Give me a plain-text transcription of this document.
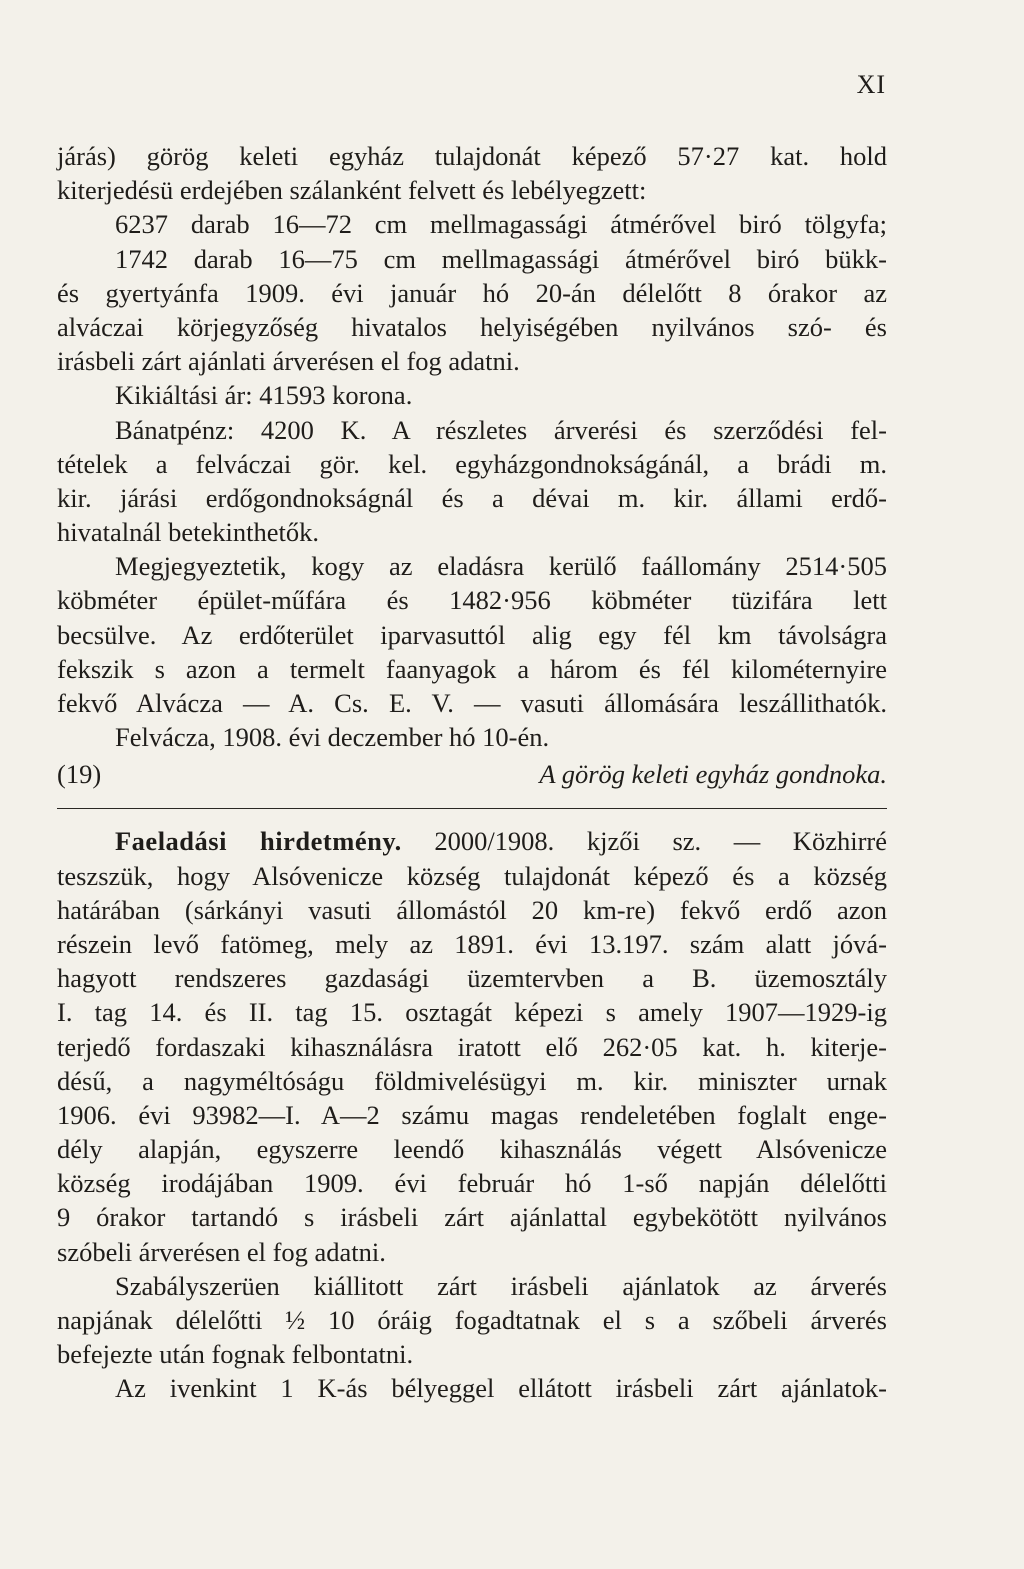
XI
járás) görög keleti egyház tulajdonát képező 57·27 kat. hold
kiterjedésü erdejében szálanként felvett és lebélyegzett:
6237 darab 16—72 cm mellmagassági átmérővel biró tölgyfa;
1742 darab 16—75 cm mellmagassági átmérővel biró bükk-
és gyertyánfa 1909. évi január hó 20-án délelőtt 8 órakor az
alváczai körjegyzőség hivatalos helyiségében nyilvános szó- és
irásbeli zárt ajánlati árverésen el fog adatni.
Kikiáltási ár: 41593 korona.
Bánatpénz: 4200 K. A részletes árverési és szerződési fel-
tételek a felváczai gör. kel. egyházgondnokságánál, a brádi m.
kir. járási erdőgondnokságnál és a dévai m. kir. állami erdő-
hivatalnál betekinthetők.
Megjegyeztetik, kogy az eladásra kerülő faállomány 2514·505
köbméter épület-műfára és 1482·956 köbméter tüzifára lett
becsülve. Az erdőterület iparvasuttól alig egy fél km távolságra
fekszik s azon a termelt faanyagok a három és fél kilométernyire
fekvő Alvácza — A. Cs. E. V. — vasuti állomására leszállithatók.
Felvácza, 1908. évi deczember hó 10-én.
(19)	A görög keleti egyház gondnoka.
Faeladási hirdetmény. 2000/1908. kjzői sz. — Közhirré
teszszük, hogy Alsóvenicze község tulajdonát képező és a község
határában (sárkányi vasuti állomástól 20 km-re) fekvő erdő azon
részein levő fatömeg, mely az 1891. évi 13.197. szám alatt jóvá-
hagyott rendszeres gazdasági üzemtervben a B. üzemosztály
I. tag 14. és II. tag 15. osztagát képezi s amely 1907—1929-ig
terjedő fordaszaki kihasználásra iratott elő 262·05 kat. h. kiterje-
désű, a nagyméltóságu földmivelésügyi m. kir. miniszter urnak
1906. évi 93982—I. A—2 számu magas rendeletében foglalt enge-
dély alapján, egyszerre leendő kihasználás végett Alsóvenicze
község irodájában 1909. évi február hó 1-ső napján délelőtti
9 órakor tartandó s irásbeli zárt ajánlattal egybekötött nyilvános
szóbeli árverésen el fog adatni.
Szabályszerüen kiállitott zárt irásbeli ajánlatok az árverés
napjának délelőtti ½ 10 óráig fogadtatnak el s a szőbeli árverés
befejezte után fognak felbontatni.
Az ivenkint 1 K-ás bélyeggel ellátott irásbeli zárt ajánlatok-
